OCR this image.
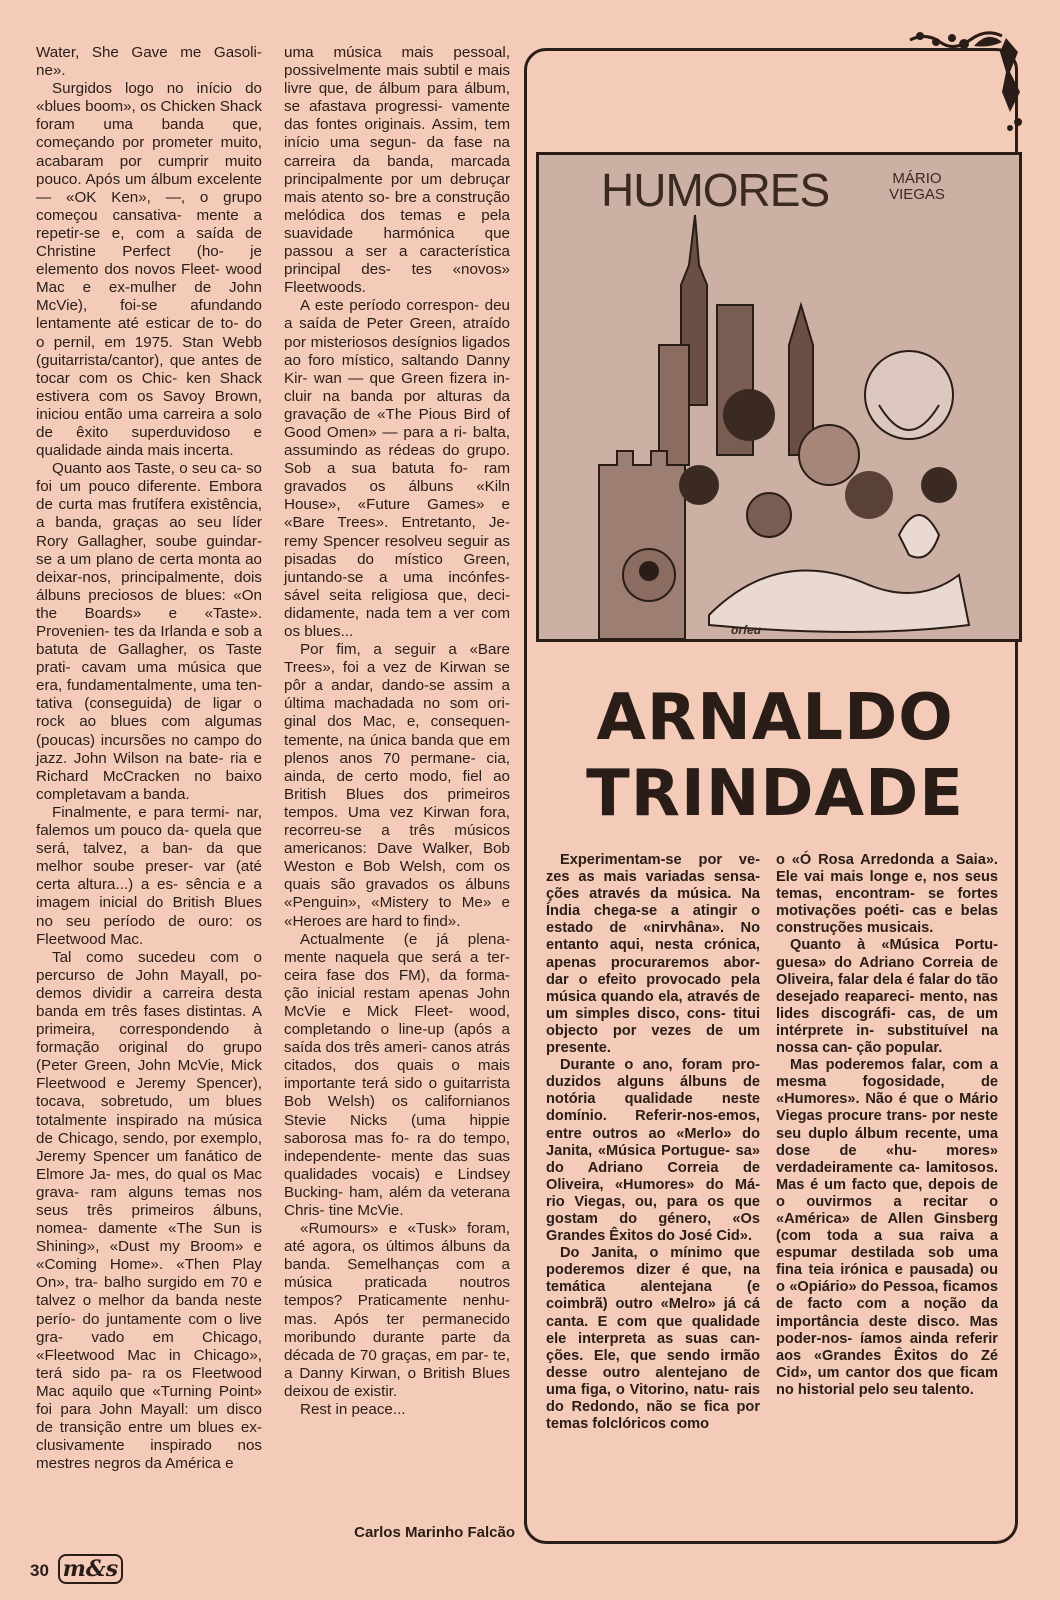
Water, She Gave me Gasoli- ne».

Surgidos logo no início do «blues boom», os Chicken Shack foram uma banda que, começando por prometer muito, acabaram por cumprir muito pouco. Após um álbum excelente — «OK Ken», —, o grupo começou cansativa- mente a repetir-se e, com a saída de Christine Perfect (ho- je elemento dos novos Fleet- wood Mac e ex-mulher de John McVie), foi-se afundando lentamente até esticar de to- do o pernil, em 1975. Stan Webb (guitarrista/cantor), que antes de tocar com os Chic- ken Shack estivera com os Savoy Brown, iniciou então uma carreira a solo de êxito superduvidoso e qualidade ainda mais incerta.

Quanto aos Taste, o seu ca- so foi um pouco diferente. Embora de curta mas frutífera existência, a banda, graças ao seu líder Rory Gallagher, soube guindar-se a um plano de certa monta ao deixar-nos, principalmente, dois álbuns preciosos de blues: «On the Boards» e «Taste». Provenien- tes da Irlanda e sob a batuta de Gallagher, os Taste prati- cavam uma música que era, fundamentalmente, uma ten- tativa (conseguida) de ligar o rock ao blues com algumas (poucas) incursões no campo do jazz. John Wilson na bate- ria e Richard McCracken no baixo completavam a banda.

Finalmente, e para termi- nar, falemos um pouco da- quela que será, talvez, a ban- da que melhor soube preser- var (até certa altura...) a es- sência e a imagem inicial do British Blues no seu período de ouro: os Fleetwood Mac.

Tal como sucedeu com o percurso de John Mayall, po- demos dividir a carreira desta banda em três fases distintas. A primeira, correspondendo à formação original do grupo (Peter Green, John McVie, Mick Fleetwood e Jeremy Spencer), tocava, sobretudo, um blues totalmente inspirado na música de Chicago, sendo, por exemplo, Jeremy Spencer um fanático de Elmore Ja- mes, do qual os Mac grava- ram alguns temas nos seus três primeiros álbuns, nomea- damente «The Sun is Shining», «Dust my Broom» e «Coming Home». «Then Play On», tra- balho surgido em 70 e talvez o melhor da banda neste perío- do juntamente com o live gra- vado em Chicago, «Fleetwood Mac in Chicago», terá sido pa- ra os Fleetwood Mac aquilo que «Turning Point» foi para John Mayall: um disco de transição entre um blues ex- clusivamente inspirado nos mestres negros da América e

uma música mais pessoal, possivelmente mais subtil e mais livre que, de álbum para álbum, se afastava progressi- vamente das fontes originais. Assim, tem início uma segun- da fase na carreira da banda, marcada principalmente por um debruçar mais atento so- bre a construção melódica dos temas e pela suavidade harmónica que passou a ser a característica principal des- tes «novos» Fleetwoods.

A este período correspon- deu a saída de Peter Green, atraído por misteriosos desígnios ligados ao foro místico, saltando Danny Kir- wan — que Green fizera in- cluir na banda por alturas da gravação de «The Pious Bird of Good Omen» — para a ri- balta, assumindo as rédeas do grupo. Sob a sua batuta fo- ram gravados os álbuns «Kiln House», «Future Games» e «Bare Trees». Entretanto, Je- remy Spencer resolveu seguir as pisadas do místico Green, juntando-se a uma incónfes- sável seita religiosa que, deci- didamente, nada tem a ver com os blues...

Por fim, a seguir a «Bare Trees», foi a vez de Kirwan se pôr a andar, dando-se assim a última machadada no som ori- ginal dos Mac, e, consequen- temente, na única banda que em plenos anos 70 permane- cia, ainda, de certo modo, fiel ao British Blues dos primeiros tempos. Uma vez Kirwan fora, recorreu-se a três músicos americanos: Dave Walker, Bob Weston e Bob Welsh, com os quais são gravados os álbuns «Penguin», «Mistery to Me» e «Heroes are hard to find».

Actualmente (e já plena- mente naquela que será a ter- ceira fase dos FM), da forma- ção inicial restam apenas John McVie e Mick Fleet- wood, completando o line-up (após a saída dos três ameri- canos atrás citados, dos quais o mais importante terá sido o guitarrista Bob Welsh) os californianos Stevie Nicks (uma hippie saborosa mas fo- ra do tempo, independente- mente das suas qualidades vocais) e Lindsey Bucking- ham, além da veterana Chris- tine McVie.

«Rumours» e «Tusk» foram, até agora, os últimos álbuns da banda. Semelhanças com a música praticada noutros tempos? Praticamente nenhu- mas. Após ter permanecido moribundo durante parte da década de 70 graças, em par- te, a Danny Kirwan, o British Blues deixou de existir.

Rest in peace...

Carlos Marinho Falcão
HUMORES	MÁRIO
VIEGAS
orfeu
ARNALDO
TRINDADE

Experimentam-se por ve- zes as mais variadas sensa- ções através da música. Na Índia chega-se a atingir o estado de «nirvhâna». No entanto aqui, nesta crónica, apenas procuraremos abor- dar o efeito provocado pela música quando ela, através de um simples disco, cons- titui objecto por vezes de um presente.

Durante o ano, foram pro- duzidos alguns álbuns de notória qualidade neste domínio. Referir-nos-emos, entre outros ao «Merlo» do Janita, «Música Portugue- sa» do Adriano Correia de Oliveira, «Humores» do Má- rio Viegas, ou, para os que gostam do género, «Os Grandes Êxitos do José Cid».

Do Janita, o mínimo que poderemos dizer é que, na temática alentejana (e coimbrã) outro «Melro» já cá canta. E com que qualidade ele interpreta as suas can- ções. Ele, que sendo irmão desse outro alentejano de uma figa, o Vitorino, natu- rais do Redondo, não se fica por temas folclóricos como

o «Ó Rosa Arredonda a Saia». Ele vai mais longe e, nos seus temas, encontram- se fortes motivações poéti- cas e belas construções musicais.

Quanto à «Música Portu- guesa» do Adriano Correia de Oliveira, falar dela é falar do tão desejado reapareci- mento, nas lides discográfi- cas, de um intérprete in- substituível na nossa can- ção popular.

Mas poderemos falar, com a mesma fogosidade, de «Humores». Não é que o Mário Viegas procure trans- por neste seu duplo álbum recente, uma dose de «hu- mores» verdadeiramente ca- lamitosos. Mas é um facto que, depois de o ouvirmos a recitar o «América» de Allen Ginsberg (com toda a sua raiva a espumar destilada sob uma fina teia irónica e pausada) ou o «Opiário» do Pessoa, ficamos de facto com a noção da importância deste disco. Mas poder-nos- íamos ainda referir aos «Grandes Êxitos do Zé Cid», um cantor dos que ficam no historial pelo seu talento.

30 m&s
